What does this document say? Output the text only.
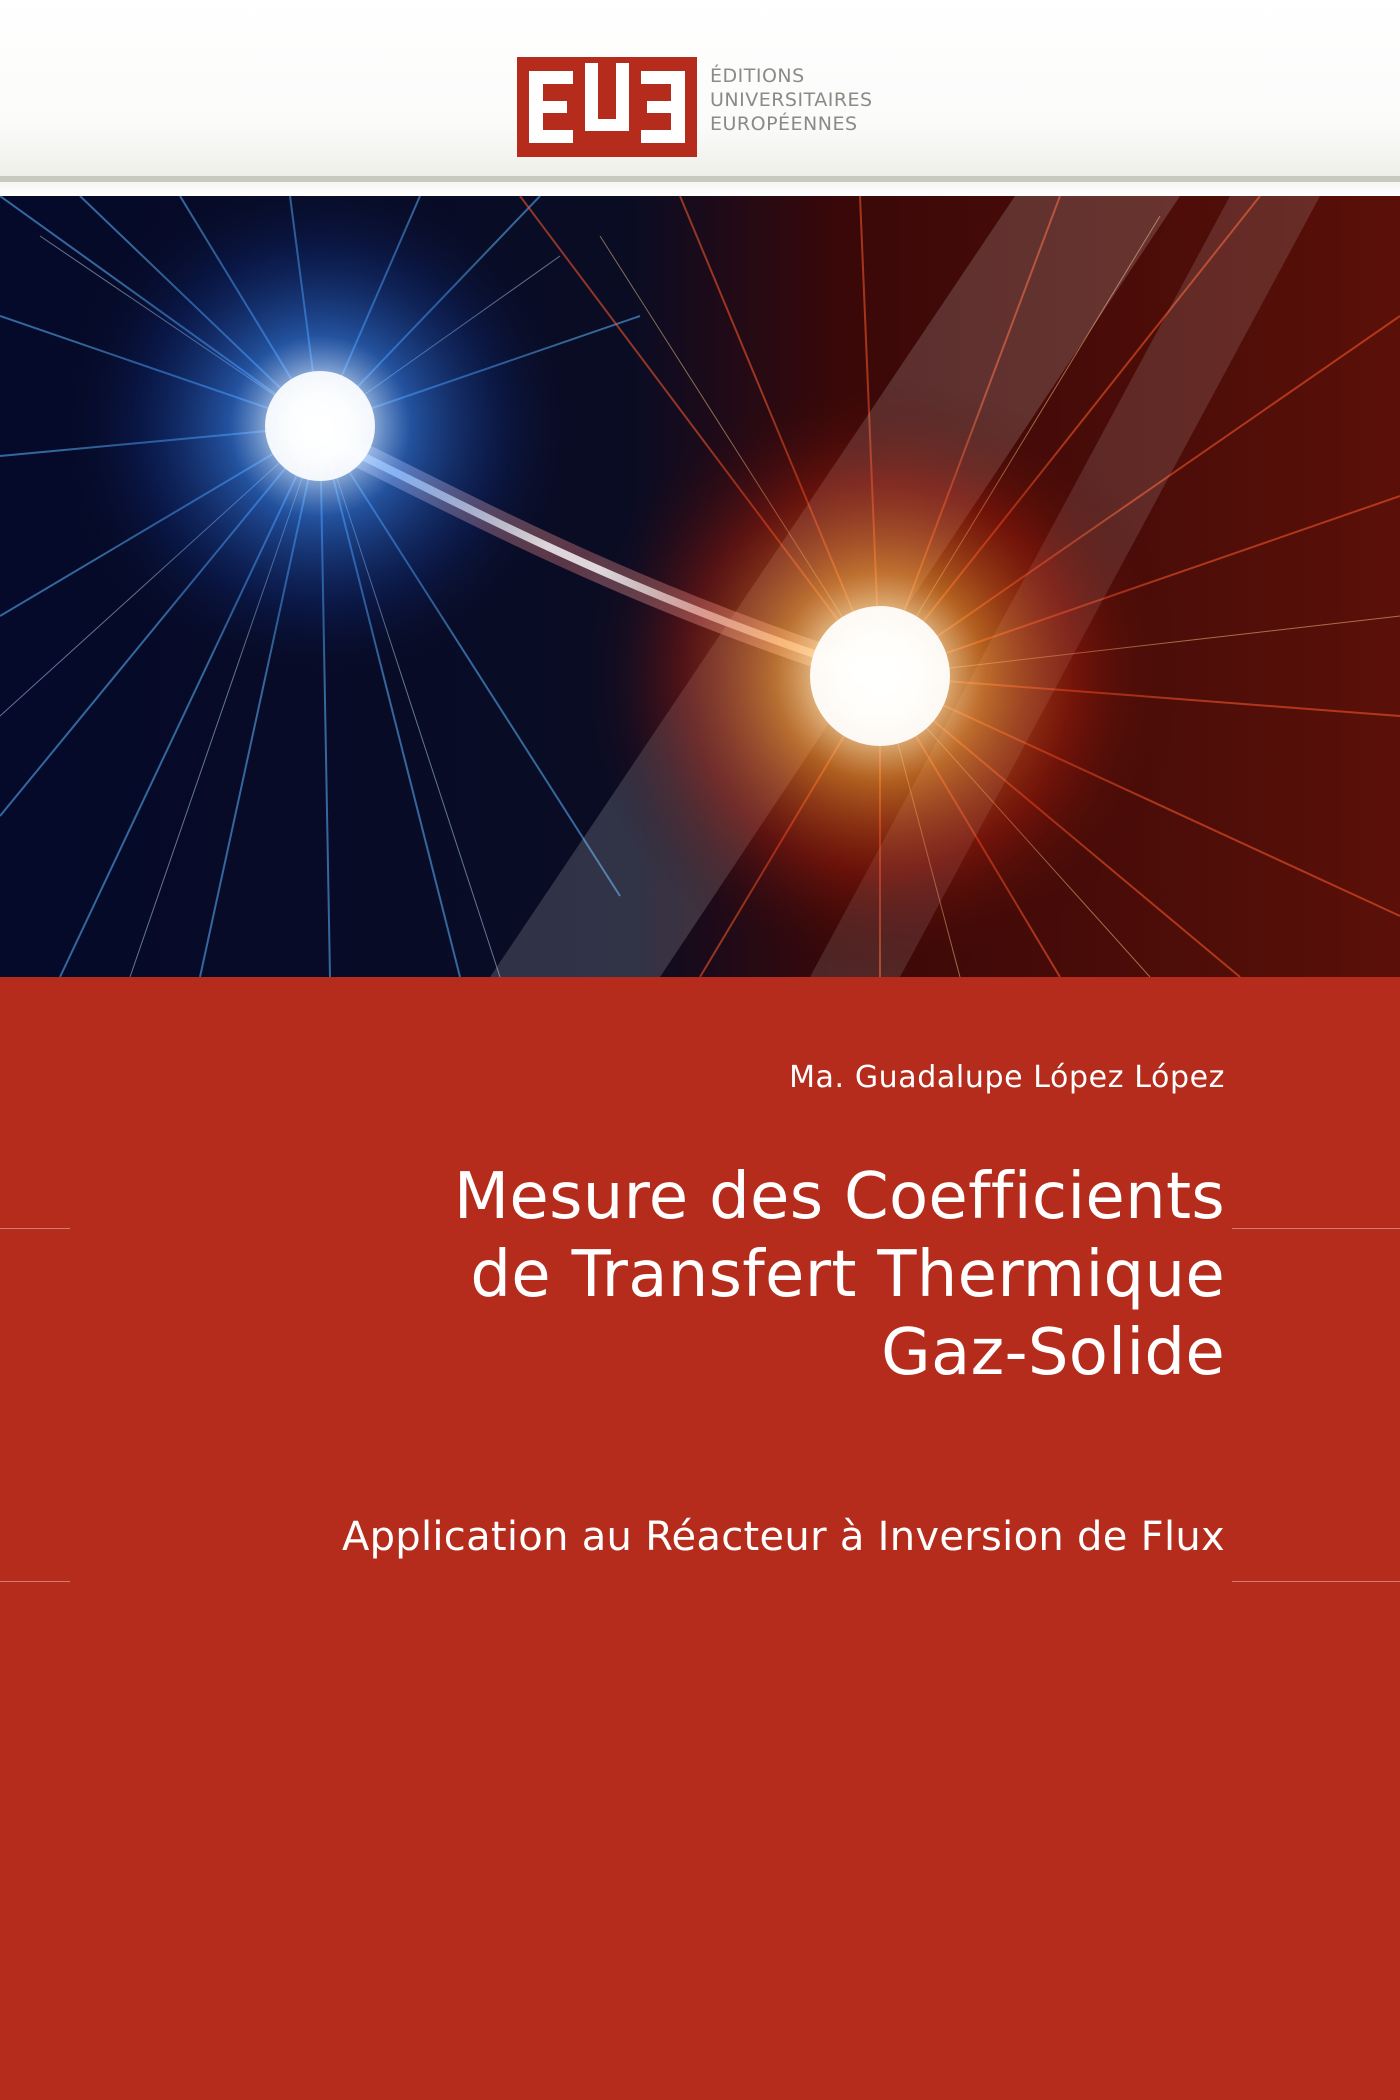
ÉDITIONS
UNIVERSITAIRES
EUROPÉENNES
Ma. Guadalupe López López
Mesure des Coefficients
de Transfert Thermique
Gaz-Solide
Application au Réacteur à Inversion de Flux
